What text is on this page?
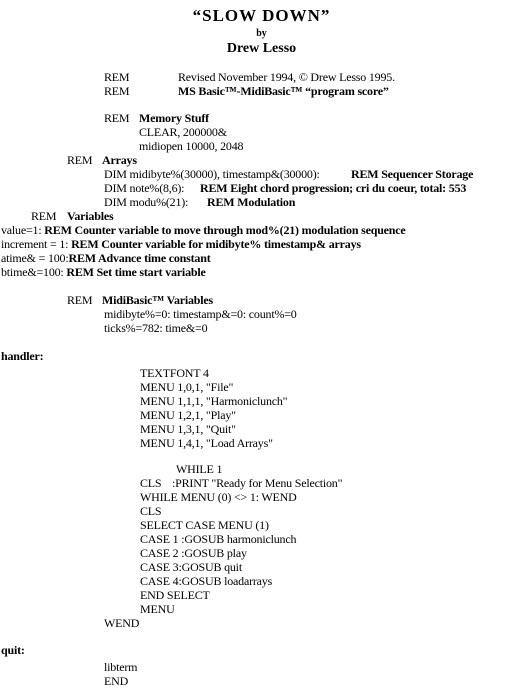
“SLOW DOWN”
by
Drew Lesso
REM	Revised November 1994, © Drew Lesso 1995.
REM	MS Basic™-MidiBasic™ “program score”
REM Memory Stuff
CLEAR, 200000&
midiopen 10000, 2048
REM Arrays
DIM midibyte%(30000), timestamp&(30000):	REM Sequencer Storage
DIM note%(8,6): REM Eight chord progression; cri du coeur, total: 553
DIM modu%(21): REM Modulation
REM Variables
value=1: REM Counter variable to move through mod%(21) modulation sequence
increment = 1: REM Counter variable for midibyte% timestamp& arrays
atime& = 100:REM Advance time constant
btime&=100: REM Set time start variable
REM MidiBasic™ Variables
midibyte%=0: timestamp&=0: count%=0
ticks%=782: time&=0
handler:
TEXTFONT 4
MENU 1,0,1, "File"
MENU 1,1,1, "Harmoniclunch"
MENU 1,2,1, "Play"
MENU 1,3,1, "Quit"
MENU 1,4,1, "Load Arrays"
WHILE 1
CLS :PRINT "Ready for Menu Selection"
WHILE MENU (0) <> 1: WEND
CLS
SELECT CASE MENU (1)
CASE 1 :GOSUB harmoniclunch
CASE 2 :GOSUB play
CASE 3:GOSUB quit
CASE 4:GOSUB loadarrays
END SELECT
MENU
WEND
quit:
libterm
END
